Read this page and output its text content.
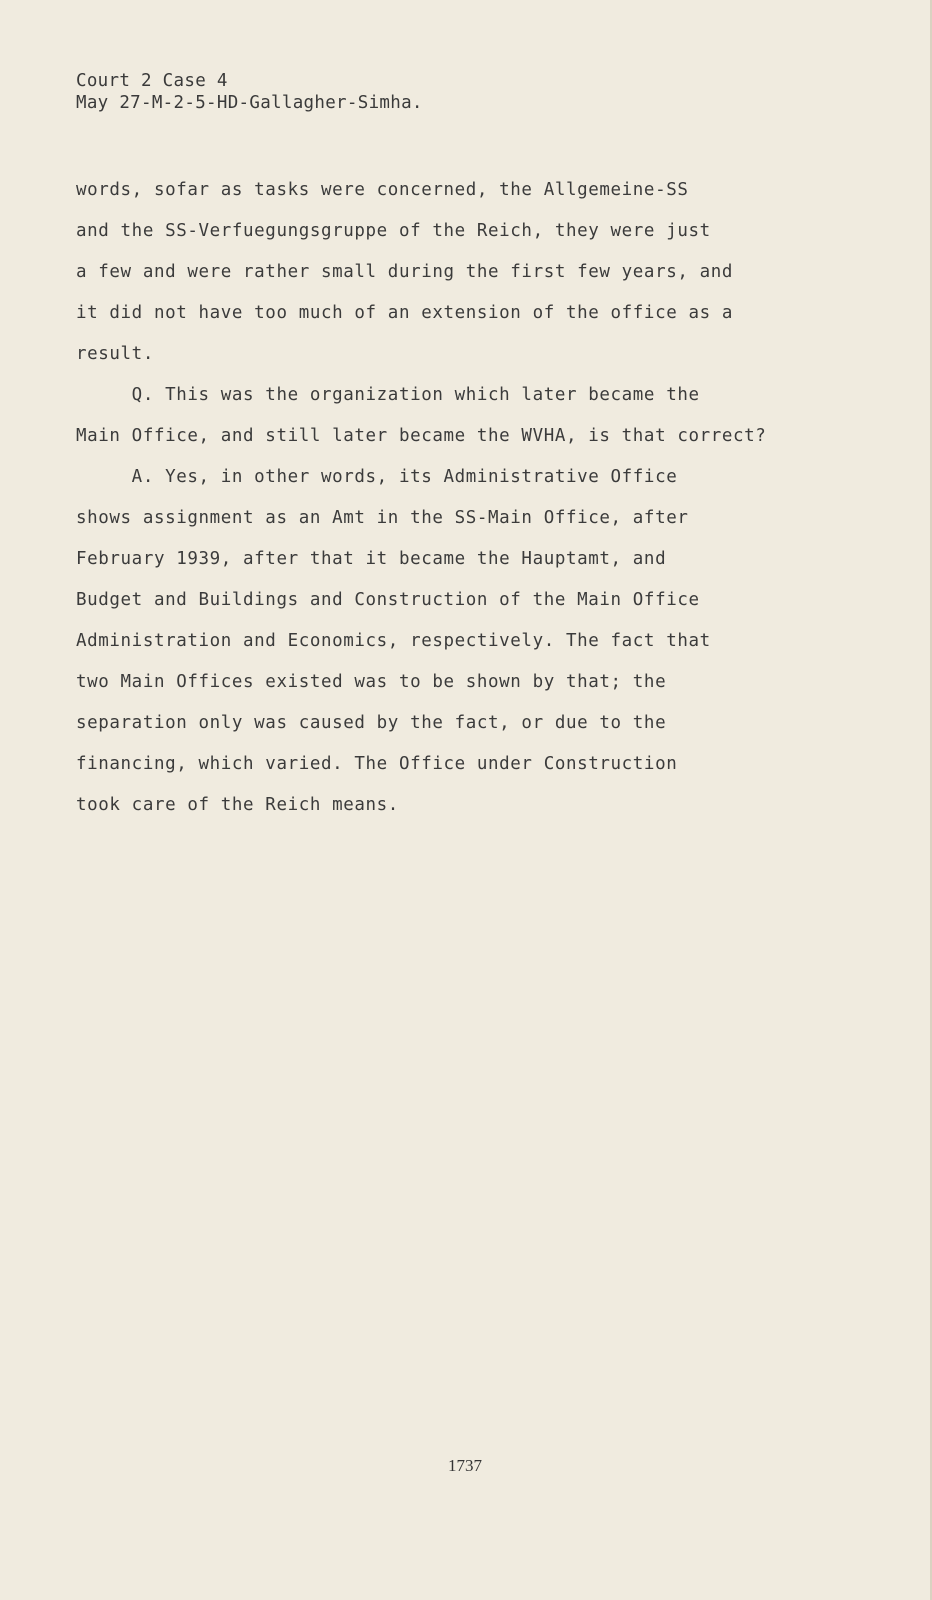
Court 2 Case 4
May 27-M-2-5-HD-Gallagher-Simha.
words, sofar as tasks were concerned, the Allgemeine-SS
and the SS-Verfuegungsgruppe of the Reich, they were just
a few and were rather small during the first few years, and
it did not have too much of an extension of the office as a
result.
Q. This was the organization which later became the
Main Office, and still later became the WVHA, is that correct?
A. Yes, in other words, its Administrative Office
shows assignment as an Amt in the SS-Main Office, after
February 1939, after that it became the Hauptamt, and
Budget and Buildings and Construction of the Main Office
Administration and Economics, respectively. The fact that
two Main Offices existed was to be shown by that; the
separation only was caused by the fact, or due to the
financing, which varied. The Office under Construction
took care of the Reich means.
1737
